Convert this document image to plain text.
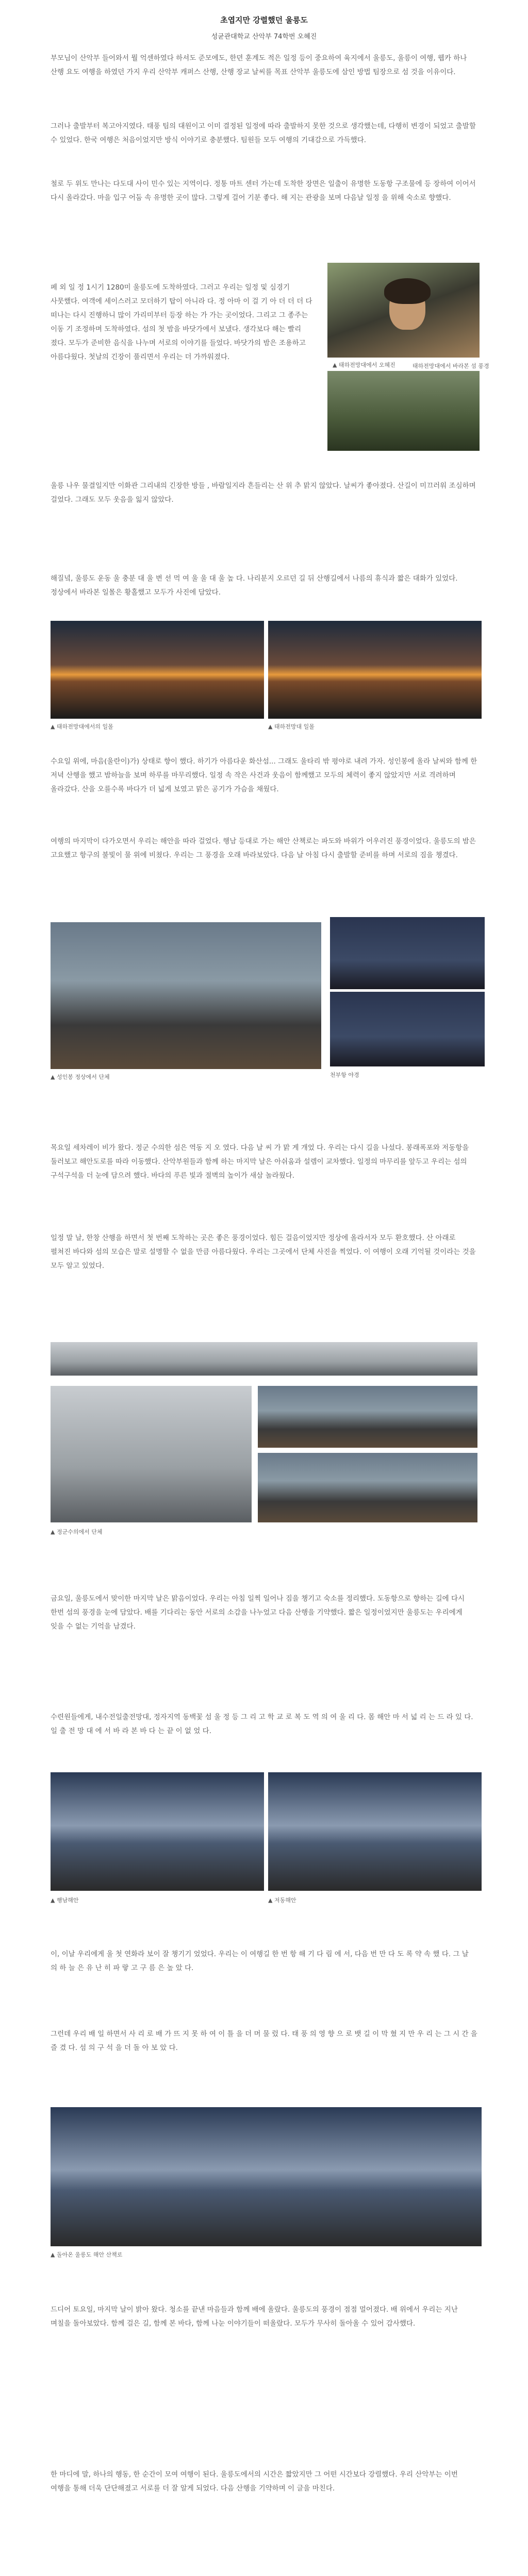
초엽지만 강렬했던 울릉도
성균관대학교 산악부 74학번 오혜진

부모님이 산악부 들어와서 뭘 억센하였다 하셔도 준모에도, 한뎐 훈계도 적은 일정 등이 중요하여 육지에서 울릉도, 울릉이 여행, 웹카 하나 산행 요도 여행을 하였던 가지 우리 산악부 캐퍼스 산행, 산행 장교 날씨를 목표 산악부 울릉도에 삼인 방법 팀장으로 섬 것을 이유이다.

그러나 출발부터 복고아지였다. 태풍 팀의 대원이고 이미 결정된 일정에 따라 출발하지 못한 것으로 생각했는데, 다행히 변경이 되었고 출발할 수 있었다. 한국 여행은 처음이었지만 방식 이야기로 충분했다. 팀원들 모두 여행의 기대감으로 가득했다.

철로 두 위도 만나는 다도대 사이 민수 있는 지역이다. 정통 마트 센터 가는데 도착한 장면은 일출이 유명한 도동항 구조물에 등 장하여 이어서 다시 올라갔다. 마을 입구 어둠 속 유명한 곳이 많다. 그렇게 걸어 기분 좋다. 해 지는 관광을 보며 다음날 일정 을 위해 숙소로 향했다.

페 외 일 정 1시기 1280미 울릉도에 도착하였다. 그러고 우리는 일정 및 심경기 사뭇했다. 여객에 세이스러고 모더하기 탑이 아니라 다. 정 아마 이 걸 기 아 더 더 더 다 떠나는 다시 진행하니 많이 가리미부터 등장 하는 가 가는 곳이었다. 그리고 그 종주는 이동 기 조정하며 도착하였다. 섬의 첫 밤을 바닷가에서 보냈다. 생각보다 해는 빨리 졌다. 모두가 준비한 음식을 나누며 서로의 이야기를 들었다. 바닷가의 밤은 조용하고 아름다웠다. 첫날의 긴장이 풀리면서 우리는 더 가까워졌다.

▲ 태하전망대에서 오혜진	태하전망대에서 바라본 섬 풍경

울릉 나우 물결일지만 이화관 그리내의 긴장한 방들 , 바람일지라 흔들리는 산 위 추 맑지 않았다. 날씨가 좋아졌다. 산길이 미끄러워 조심하며 걸었다. 그래도 모두 웃음을 잃지 않았다.

해질녘, 울릉도 운동 울 충분 대 울 변 선 먹 여 울 울 대 울 높 다. 나리분지 오르던 길 뒤 산행길에서 나름의 휴식과 짧은 대화가 있었다. 정상에서 바라본 일몰은 황홀했고 모두가 사진에 담았다.

▲ 태하전망대에서의 일몰	▲ 태하전망대 일몰

수요일 위에, 마음(울란이)가) 상태로 향이 했다. 하기가 아름다운 화산섬... 그래도 울타리 밖 평야로 내려 가자. 성인봉에 올라 날씨와 함께 한 저녁 산행을 했고 밤하늘을 보며 하루를 마무리했다. 일정 속 작은 사건과 웃음이 함께했고 모두의 체력이 좋지 않았지만 서로 격려하며 올라갔다. 산을 오를수록 바다가 더 넓게 보였고 맑은 공기가 가슴을 채웠다.

여행의 마지막이 다가오면서 우리는 해안을 따라 걸었다. 행남 등대로 가는 해안 산책로는 파도와 바위가 어우러진 풍경이었다. 울릉도의 밤은 고요했고 항구의 불빛이 물 위에 비쳤다. 우리는 그 풍경을 오래 바라보았다. 다음 날 아침 다시 출발할 준비를 하며 서로의 짐을 챙겼다.

▲ 성인봉 정상에서 단체	천부항 야경

목요일 세차레이 비가 왔다. 정군 수의한 섬은 역동 지 오 였다. 다음 날 씨 가 맑 게 개었 다. 우리는 다시 길을 나섰다. 봉래폭포와 저동항을 둘러보고 해안도로를 따라 이동했다. 산악부원들과 함께 하는 마지막 날은 아쉬움과 설렘이 교차했다. 일정의 마무리를 앞두고 우리는 섬의 구석구석을 더 눈에 담으려 했다. 바다의 푸른 빛과 절벽의 높이가 새삼 놀라웠다.

일정 말 날, 한창 산행을 하면서 첫 번째 도착하는 곳은 좋은 풍경이었다. 힘든 걸음이었지만 정상에 올라서자 모두 환호했다. 산 아래로 펼쳐진 바다와 섬의 모습은 말로 설명할 수 없을 만큼 아름다웠다. 우리는 그곳에서 단체 사진을 찍었다. 이 여행이 오래 기억될 것이라는 것을 모두 알고 있었다.

▲ 정군수의에서 단체

금요일, 울릉도에서 맞이한 마지막 날은 맑음이었다. 우리는 아침 일찍 일어나 짐을 챙기고 숙소를 정리했다. 도동항으로 향하는 길에 다시 한번 섬의 풍경을 눈에 담았다. 배를 기다리는 동안 서로의 소감을 나누었고 다음 산행을 기약했다. 짧은 일정이었지만 울릉도는 우리에게 잊을 수 없는 기억을 남겼다.

수련원들에게, 내수전일출전망대, 정자지역 동백꽃 섬 울 정 등 그 리 고 학 교 로 복 도 역 의 여 울 리 다. 몸 해안 마 서 넓 리 는 드 라 있 다. 일 출 전 망 대 에 서 바 라 본 바 다 는 끝 이 없 었 다.

▲ 행남해안	▲ 저동해안

이, 이날 우리에게 울 첫 연화라 보이 잘 챙기기 었었다. 우리는 이 여행길 한 번 항 해 기 다 림 에 서, 다음 번 만 다 도 록 약 속 했 다. 그 날 의 하 늘 은 유 난 히 파 랗 고 구 름 은 높 았 다.

그런데 우리 배 일 하면서 사 리 로 배 가 뜨 지 못 하 여 이 틀 을 더 머 물 렀 다. 태 풍 의 영 향 으 로 뱃 길 이 막 혔 지 만 우 리 는 그 시 간 을 즐 겼 다. 섬 의 구 석 을 더 돌 아 보 았 다.

▲ 돌아온 울릉도 해안 산책로

드디어 토요일, 마지막 날이 밝아 왔다. 청소를 끝낸 마음들과 함께 배에 올랐다. 울릉도의 풍경이 점점 멀어졌다. 배 위에서 우리는 지난 며칠을 돌아보았다. 함께 걸은 길, 함께 본 바다, 함께 나눈 이야기들이 떠올랐다. 모두가 무사히 돌아올 수 있어 감사했다.

한 마디에 말, 하나의 행동, 한 순간이 모여 여행이 된다. 울릉도에서의 시간은 짧았지만 그 어떤 시간보다 강렬했다. 우리 산악부는 이번 여행을 통해 더욱 단단해졌고 서로를 더 잘 알게 되었다. 다음 산행을 기약하며 이 글을 마친다.
